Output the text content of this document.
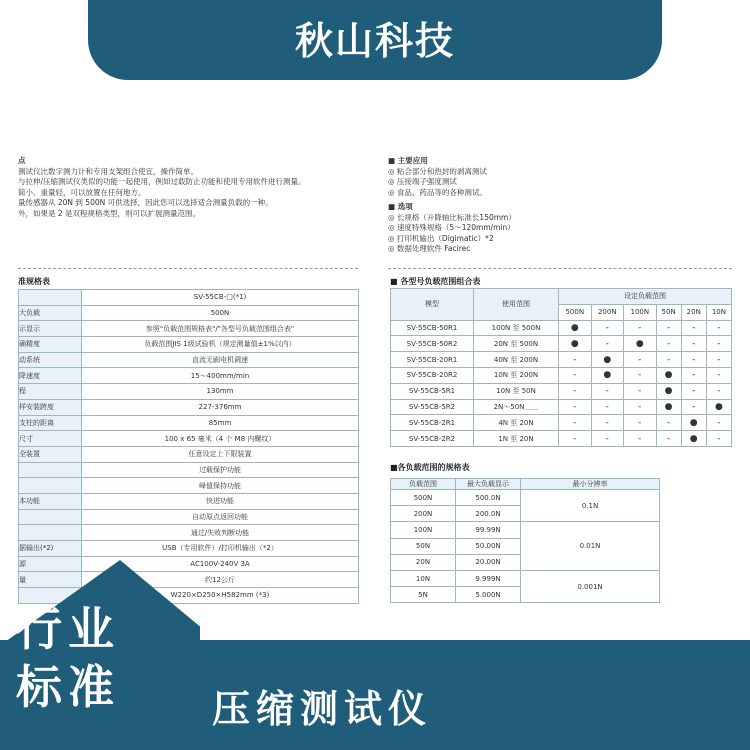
秋山科技
点
测试仪比数字测力计和专用支架组合使宜，操作简单。
与拉伸/压缩测试仪类似的功能一起使用，例如过载防止功能和使用专用软件进行测量。
简小、重量轻，可以放置在任何地方。
量传感器从 20N 到 500N 可供选择，因此您可以选择适合测量负载的一种。
外，如果是 2 是双程规格类型，则可以扩展测量范围。
■ 主要应用
◎ 粘合部分和热封的剥离测试
◎ 压接端子强度测试
◎ 食品、药品等的各种测试。
■ 选项
◎ 长规格（升降轴比标准长150mm）
◎ 速度特殊规格（5～120mm/min）
◎ 打印机输出（Digimatic）*2
◎ 数据处理软件 Facirec
准规格表	■ 各型号负载范围组合表
■各负载范围的规格表
	SV-55CB-□(*1)
大负载	500N
示显示	参照"负载范围规格表"/"各型号负载范围组合表"
确精度	负载范围JIS 1级试验机（规定测量值±1%以内）
动系统	直流无刷电机调速
降速度	15～400mm/min
程	130mm
样安装跨度	227-376mm
支柱的距离	85mm
尺寸	100 x 65 毫米（4 个 M8 内螺纹）
全装置	任意设定上下限装置
	过载保护功能
	峰值保持功能
本功能	快进功能
	自动原点返回功能
	通过/失败判断功能
据输出(*2)	USB（专用软件）/打印机输出（*2）
源	AC100V-240V 3A
量	约12公斤
	W220×D250×H582mm (*3)
模型	使用范围	设定负载范围					
		500N	200N	100N	50N	20N	10N
SV-55CB-50R1	100N 至 500N	●	-	-	-	-	-
SV-55CB-50R2	20N 至 500N	●	-	●	-	-	-
SV-55CB-20R1	40N 至 200N	-	●	-	-	-	-
SV-55CB-20R2	10N 至 200N	-	●	-	●	-	-
SV-55CB-5R1	10N 至 50N	-	-	-	●	-	-
SV-55CB-5R2	2N～50N＿＿	-	-	-	●	-	●
SV-55CB-2R1	4N 至 20N	-	-	-	-	●	-
SV-55CB-2R2	1N 至 20N	-	-	-	-	●	-
负载范围	最大负载显示	最小分辨率
500N	500.0N	0.1N
200N	200.0N	
100N	99.99N	0.01N
50N	50.00N	
20N	20.00N	
10N	9.999N	0.001N
5N	5.000N	
行业
标准 压缩测试仪
